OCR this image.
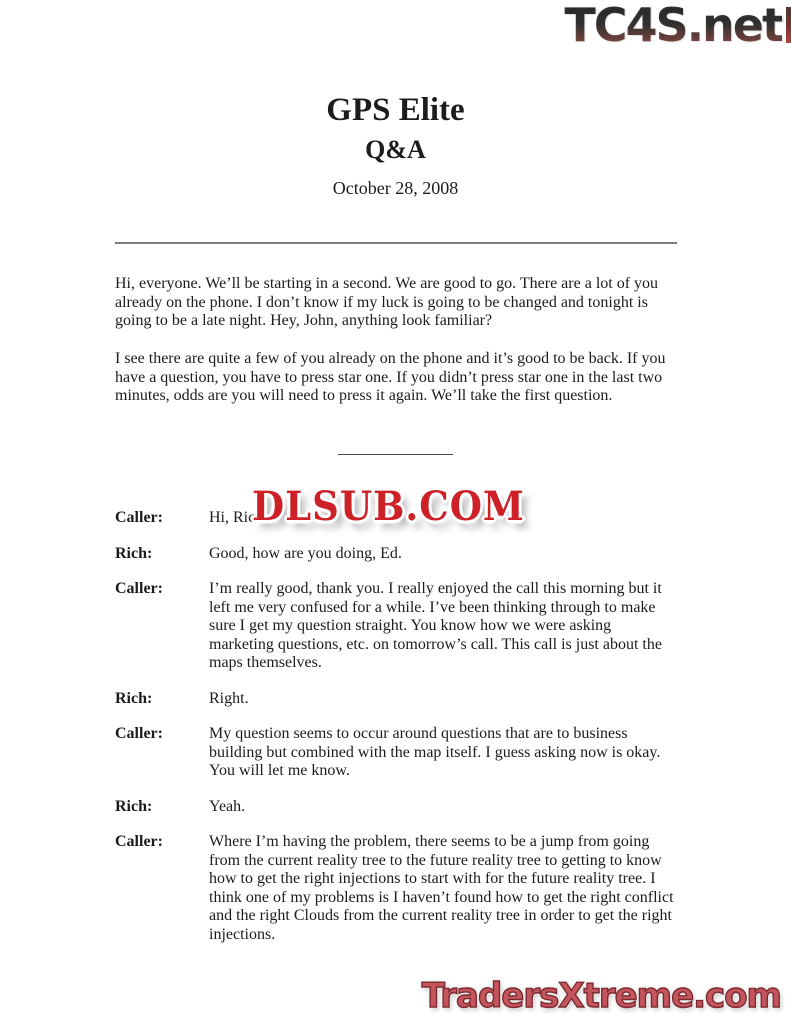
TC4S.net
GPS Elite
Q&A
October 28, 2008
Hi, everyone. We’ll be starting in a second. We are good to go. There are a lot of you already on the phone. I don’t know if my luck is going to be changed and tonight is going to be a late night. Hey, John, anything look familiar?
I see there are quite a few of you already on the phone and it’s good to be back. If you have a question, you have to press star one. If you didn’t press star one in the last two minutes, odds are you will need to press it again. We’ll take the first question.
Caller:	Hi, Rich
Rich:	Good, how are you doing, Ed.
Caller:	I’m really good, thank you. I really enjoyed the call this morning but it left me very confused for a while. I’ve been thinking through to make sure I get my question straight. You know how we were asking marketing questions, etc. on tomorrow’s call. This call is just about the maps themselves.
Rich:	Right.
Caller:	My question seems to occur around questions that are to business building but combined with the map itself. I guess asking now is okay. You will let me know.
Rich:	Yeah.
Caller:	Where I’m having the problem, there seems to be a jump from going from the current reality tree to the future reality tree to getting to know how to get the right injections to start with for the future reality tree. I think one of my problems is I haven’t found how to get the right conflict and the right Clouds from the current reality tree in order to get the right injections.
DLSUB.COM
TradersXtreme.com
